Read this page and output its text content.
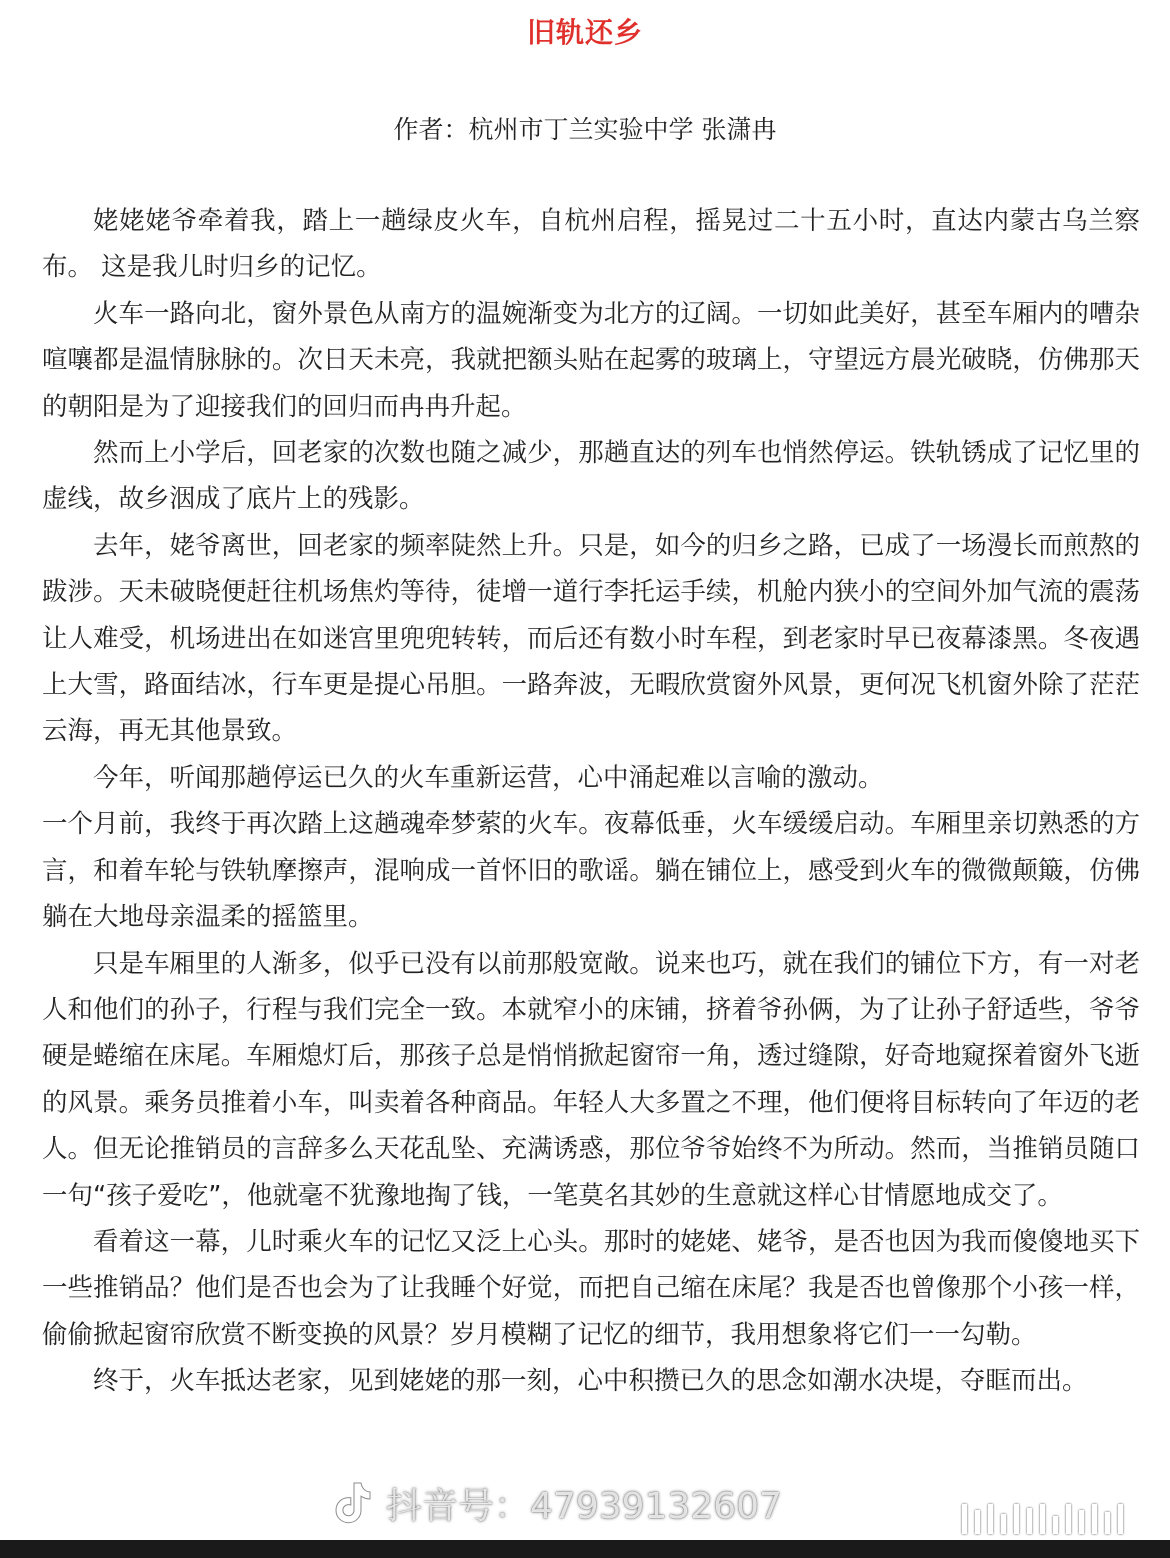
旧轨还乡
作者：杭州市丁兰实验中学 张潇冉

姥姥姥爷牵着我，踏上一趟绿皮火车，自杭州启程，摇晃过二十五小时，直达内蒙古乌兰察布。 这是我儿时归乡的记忆。

火车一路向北，窗外景色从南方的温婉渐变为北方的辽阔。一切如此美好，甚至车厢内的嘈杂喧嚷都是温情脉脉的。次日天未亮，我就把额头贴在起雾的玻璃上，守望远方晨光破晓，仿佛那天的朝阳是为了迎接我们的回归而冉冉升起。

然而上小学后，回老家的次数也随之减少，那趟直达的列车也悄然停运。铁轨锈成了记忆里的虚线，故乡洇成了底片上的残影。

去年，姥爷离世，回老家的频率陡然上升。只是，如今的归乡之路，已成了一场漫长而煎熬的跋涉。天未破晓便赶往机场焦灼等待，徒增一道行李托运手续，机舱内狭小的空间外加气流的震荡让人难受，机场进出在如迷宫里兜兜转转，而后还有数小时车程，到老家时早已夜幕漆黑。冬夜遇上大雪，路面结冰，行车更是提心吊胆。一路奔波，无暇欣赏窗外风景，更何况飞机窗外除了茫茫云海，再无其他景致。

今年，听闻那趟停运已久的火车重新运营，心中涌起难以言喻的激动。

一个月前，我终于再次踏上这趟魂牵梦萦的火车。夜幕低垂，火车缓缓启动。车厢里亲切熟悉的方言，和着车轮与铁轨摩擦声，混响成一首怀旧的歌谣。躺在铺位上，感受到火车的微微颠簸，仿佛躺在大地母亲温柔的摇篮里。

只是车厢里的人渐多，似乎已没有以前那般宽敞。说来也巧，就在我们的铺位下方，有一对老人和他们的孙子，行程与我们完全一致。本就窄小的床铺，挤着爷孙俩，为了让孙子舒适些，爷爷硬是蜷缩在床尾。车厢熄灯后，那孩子总是悄悄掀起窗帘一角，透过缝隙，好奇地窥探着窗外飞逝的风景。乘务员推着小车，叫卖着各种商品。年轻人大多置之不理，他们便将目标转向了年迈的老人。但无论推销员的言辞多么天花乱坠、充满诱惑，那位爷爷始终不为所动。然而，当推销员随口一句“孩子爱吃”，他就毫不犹豫地掏了钱，一笔莫名其妙的生意就这样心甘情愿地成交了。

看着这一幕，儿时乘火车的记忆又泛上心头。那时的姥姥、姥爷，是否也因为我而傻傻地买下一些推销品？他们是否也会为了让我睡个好觉，而把自己缩在床尾？我是否也曾像那个小孩一样，偷偷掀起窗帘欣赏不断变换的风景？岁月模糊了记忆的细节，我用想象将它们一一勾勒。

终于，火车抵达老家，见到姥姥的那一刻，心中积攒已久的思念如潮水决堤，夺眶而出。

抖音号：47939132607
